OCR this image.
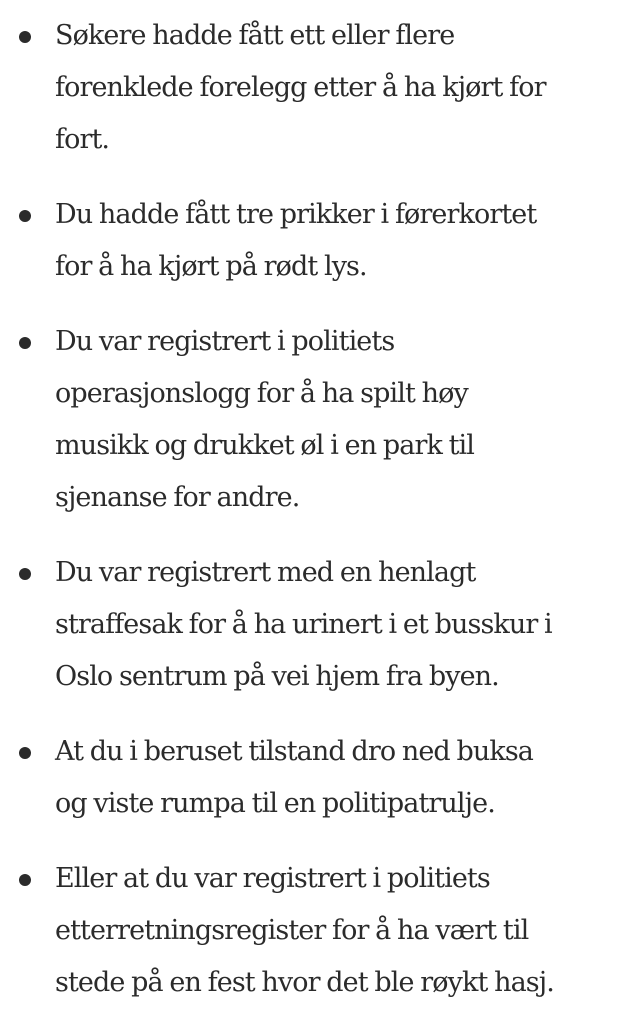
Søkere hadde fått ett eller flere
forenklede forelegg etter å ha kjørt for
fort.
Du hadde fått tre prikker i førerkortet
for å ha kjørt på rødt lys.
Du var registrert i politiets
operasjonslogg for å ha spilt høy
musikk og drukket øl i en park til
sjenanse for andre.
Du var registrert med en henlagt
straffesak for å ha urinert i et busskur i
Oslo sentrum på vei hjem fra byen.
At du i beruset tilstand dro ned buksa
og viste rumpa til en politipatrulje.
Eller at du var registrert i politiets
etterretningsregister for å ha vært til
stede på en fest hvor det ble røykt hasj.
